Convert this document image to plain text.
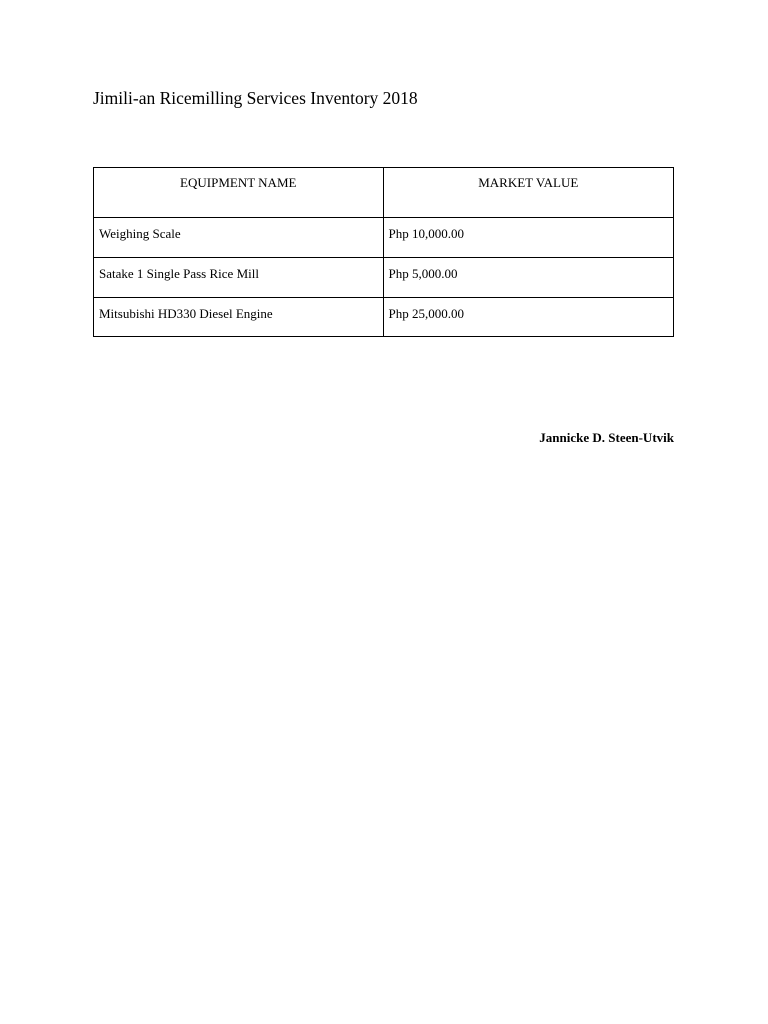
Jimili-an Ricemilling Services Inventory 2018
EQUIPMENT NAME	MARKET VALUE
Weighing Scale	Php 10,000.00
Satake 1 Single Pass Rice Mill	Php 5,000.00
Mitsubishi HD330 Diesel Engine	Php 25,000.00

Jannicke D. Steen-Utvik
